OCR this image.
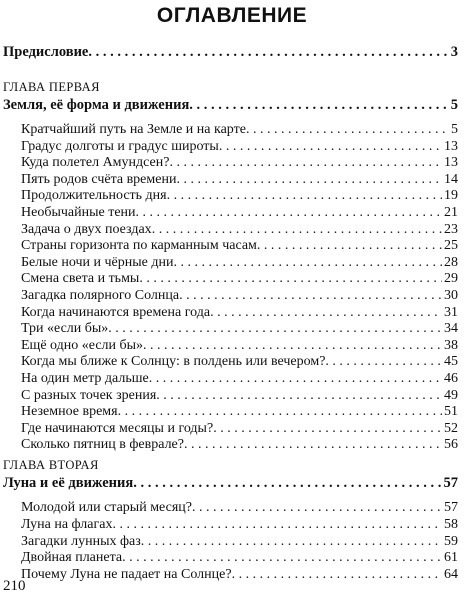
ОГЛАВЛЕНИЕ
Предисловие . . .	3
ГЛАВА ПЕРВАЯ
Земля, её форма и движения . . .	5
Кратчайший путь на Земле и на карте . . .	5
Градус долготы и градус широты . . .	13
Куда полетел Амундсен? . . .	13
Пять родов счёта времени . . .	14
Продолжительность дня . . .	19
Необычайные тени . . .	21
Задача о двух поездах . . .	23
Страны горизонта по карманным часам . . .	25
Белые ночи и чёрные дни . . .	28
Смена света и тьмы . . .	29
Загадка полярного Солнца . . .	30
Когда начинаются времена года . . .	31
Три «если бы» . . .	34
Ещё одно «если бы» . . .	38
Когда мы ближе к Солнцу: в полдень или вечером? . . .	45
На один метр дальше . . .	46
С разных точек зрения . . .	49
Неземное время . . .	51
Где начинаются месяцы и годы? . . .	52
Сколько пятниц в феврале? . . .	56
ГЛАВА ВТОРАЯ
Луна и её движения . . .	57
Молодой или старый месяц? . . .	57
Луна на флагах . . .	58
Загадки лунных фаз . . .	59
Двойная планета . . .	61
Почему Луна не падает на Солнце? . . .	64
210
